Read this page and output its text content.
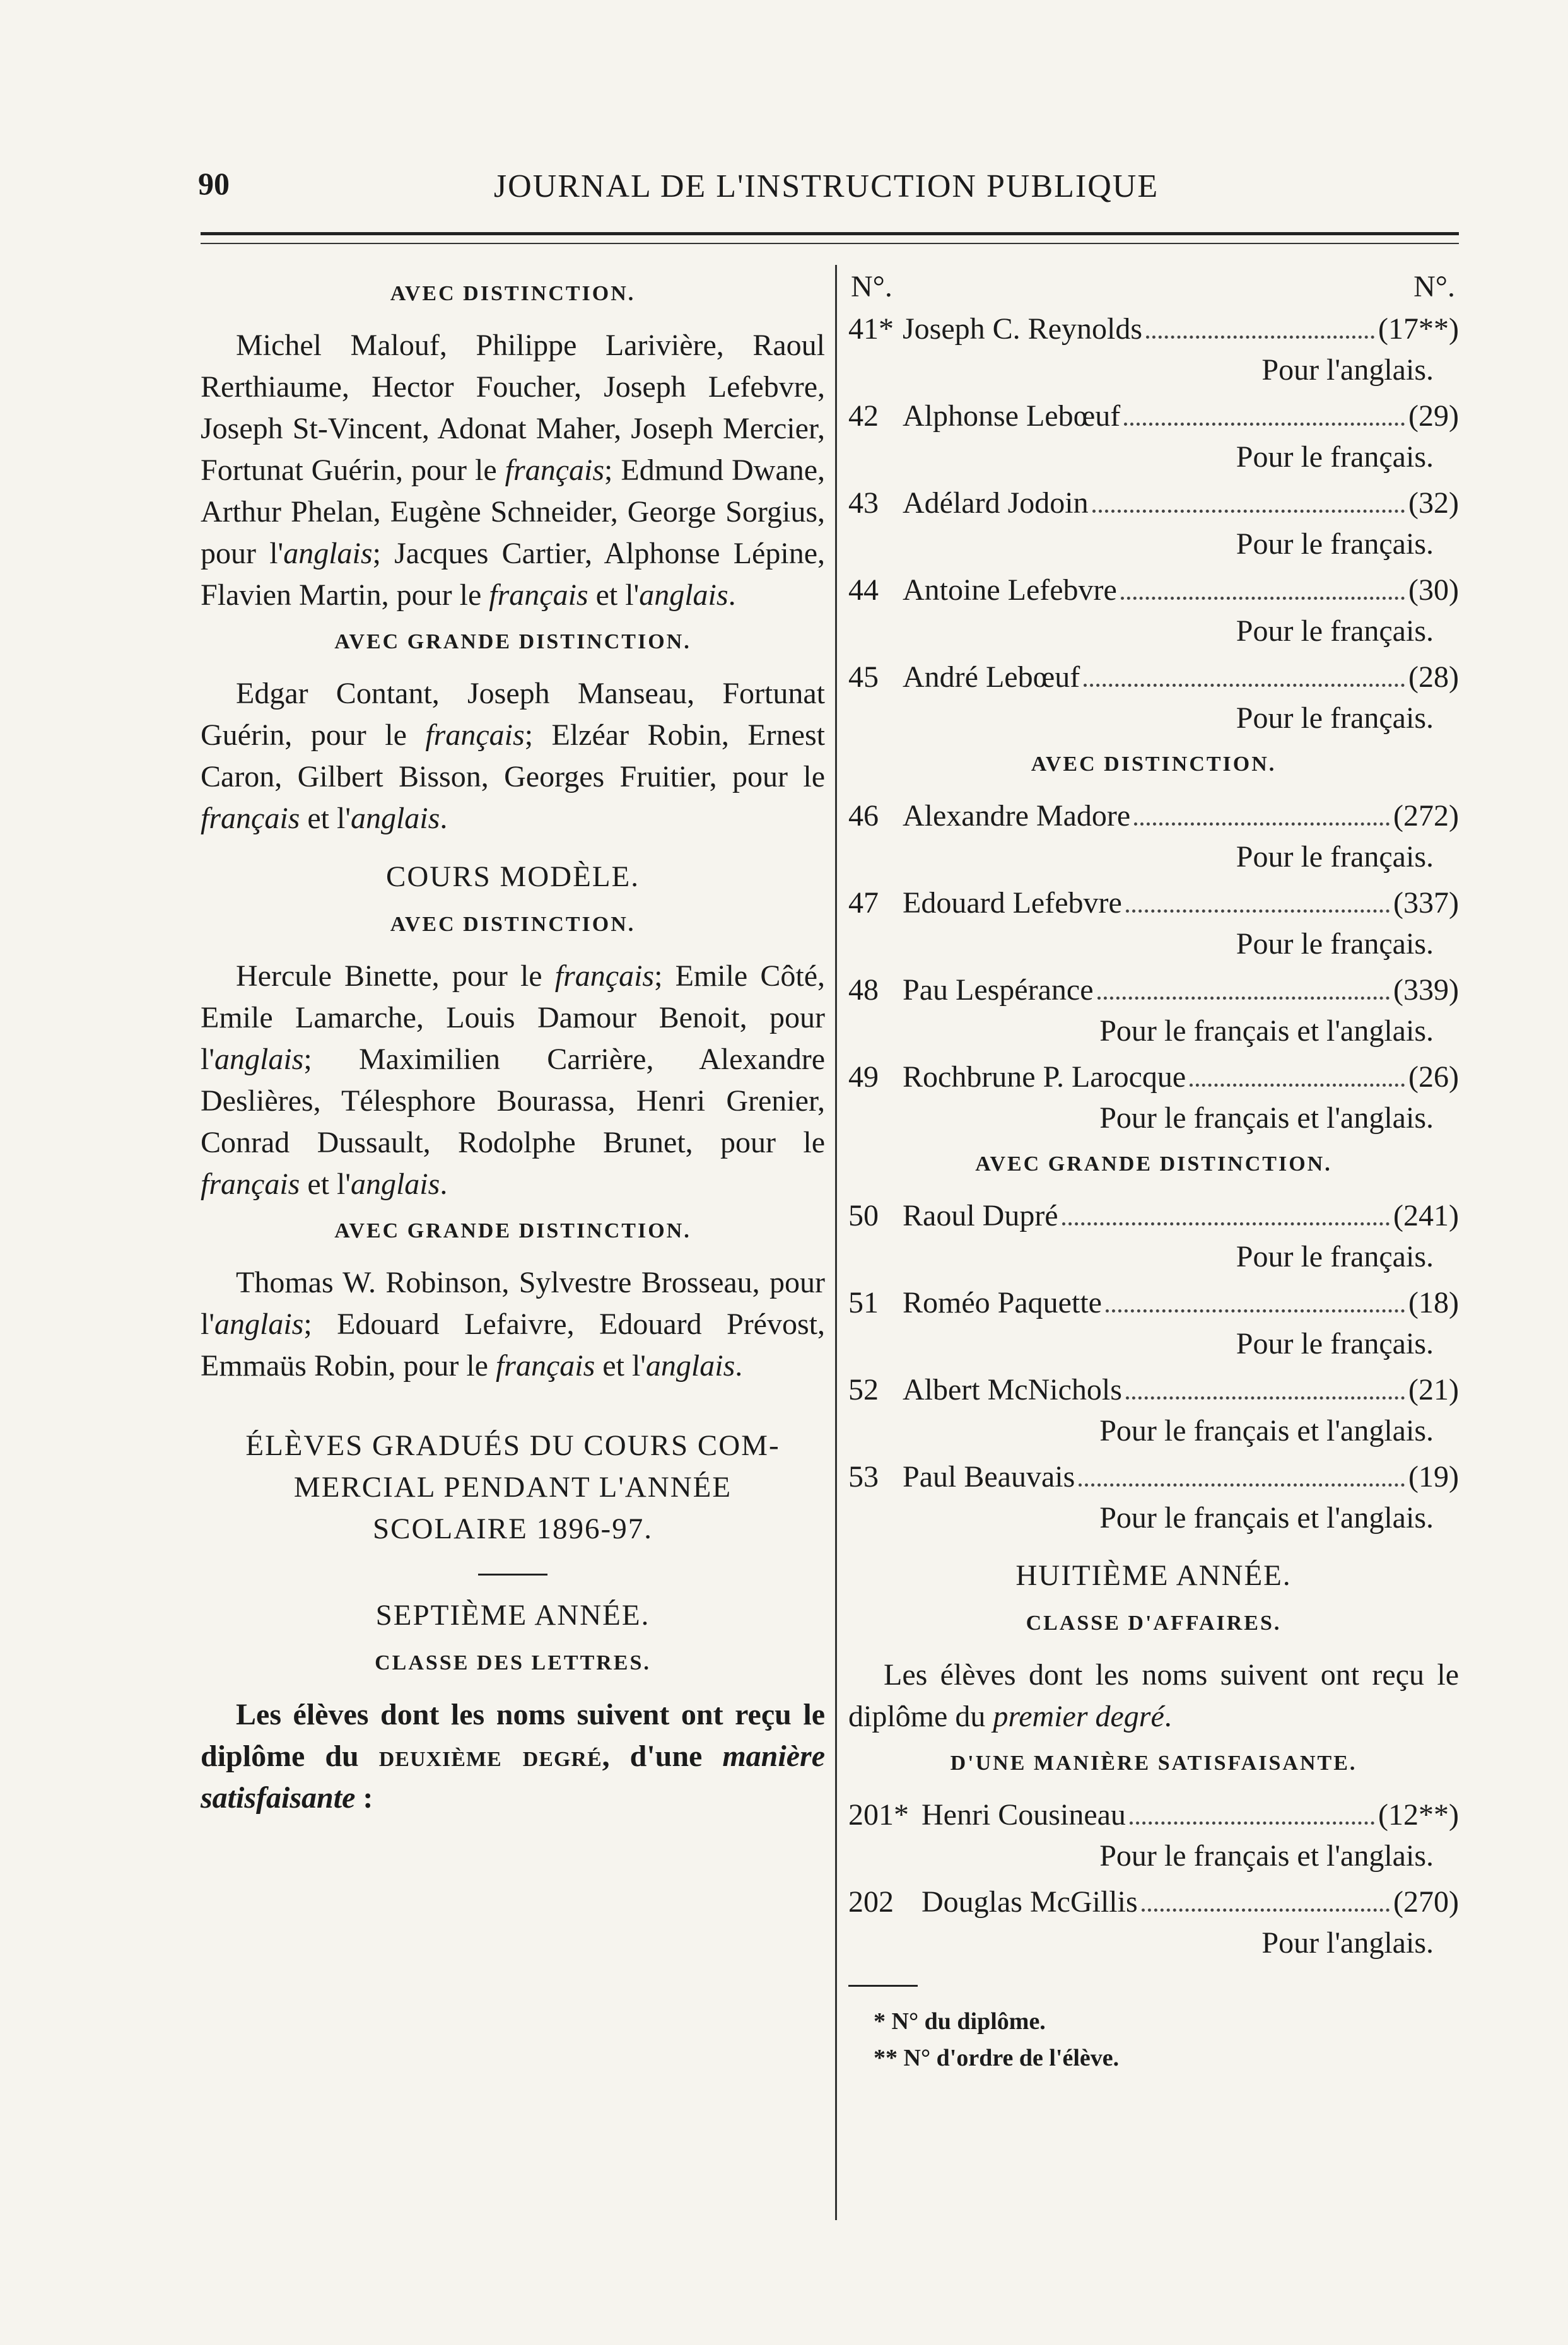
90	JOURNAL DE L'INSTRUCTION PUBLIQUE
AVEC DISTINCTION.

Michel Malouf, Philippe Larivière, Raoul Rerthiaume, Hector Foucher, Joseph Lefebvre, Joseph St-Vincent, Adonat Maher, Joseph Mercier, Fortunat Guérin, pour le français; Edmund Dwane, Arthur Phelan, Eugène Schneider, George Sorgius, pour l'anglais; Jacques Cartier, Alphonse Lépine, Flavien Martin, pour le français et l'anglais.

AVEC GRANDE DISTINCTION.

Edgar Contant, Joseph Manseau, Fortunat Guérin, pour le français; Elzéar Robin, Ernest Caron, Gilbert Bisson, Georges Fruitier, pour le français et l'anglais.

COURS MODÈLE.
AVEC DISTINCTION.

Hercule Binette, pour le français; Emile Côté, Emile Lamarche, Louis Damour Benoit, pour l'anglais; Maximilien Carrière, Alexandre Deslières, Télesphore Bourassa, Henri Grenier, Conrad Dussault, Rodolphe Brunet, pour le français et l'anglais.

AVEC GRANDE DISTINCTION.

Thomas W. Robinson, Sylvestre Brosseau, pour l'anglais; Edouard Lefaivre, Edouard Prévost, Emmaüs Robin, pour le français et l'anglais.

ÉLÈVES GRADUÉS DU COURS COM-
MERCIAL PENDANT L'ANNÉE
SCOLAIRE 1896-97.
SEPTIÈME ANNÉE.
CLASSE DES LETTRES.

Les élèves dont les noms suivent ont reçu le diplôme du deuxième degré, d'une manière satisfaisante :

N°.	N°.
41* Joseph C. Reynolds	(17**)
Pour l'anglais.
42 Alphonse Lebœuf	(29)
Pour le français.
43 Adélard Jodoin	(32)
Pour le français.
44 Antoine Lefebvre	(30)
Pour le français.
45 André Lebœuf	(28)
Pour le français.
AVEC DISTINCTION.
46 Alexandre Madore	(272)
Pour le français.
47 Edouard Lefebvre	(337)
Pour le français.
48 Pau Lespérance	(339)
Pour le français et l'anglais.
49 Rochbrune P. Larocque	(26)
Pour le français et l'anglais.
AVEC GRANDE DISTINCTION.
50 Raoul Dupré	(241)
Pour le français.
51 Roméo Paquette	(18)
Pour le français.
52 Albert McNichols	(21)
Pour le français et l'anglais.
53 Paul Beauvais	(19)
Pour le français et l'anglais.
HUITIÈME ANNÉE.
CLASSE D'AFFAIRES.

Les élèves dont les noms suivent ont reçu le diplôme du premier degré.

D'UNE MANIÈRE SATISFAISANTE.
201* Henri Cousineau	(12**)
Pour le français et l'anglais.
202 Douglas McGillis	(270)
Pour l'anglais.
* N° du diplôme.
** N° d'ordre de l'élève.
